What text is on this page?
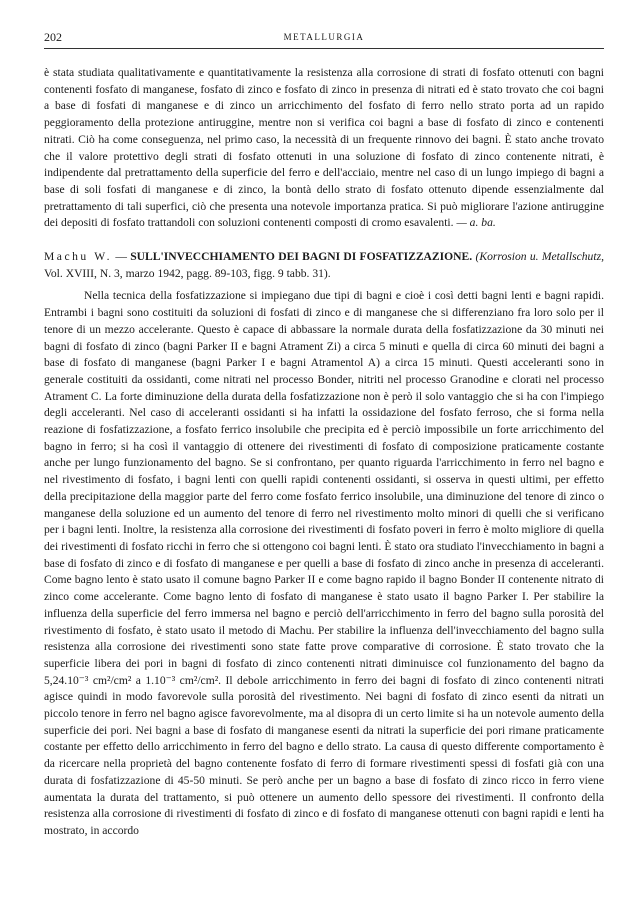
202	METALLURGIA

è stata studiata qualitativamente e quantitativamente la resistenza alla corrosione di strati di fosfato ottenuti con bagni contenenti fosfato di manganese, fosfato di zinco e fosfato di zinco in presenza di nitrati ed è stato trovato che coi bagni a base di fosfati di manganese e di zinco un arricchimento del fosfato di ferro nello strato porta ad un rapido peggioramento della protezione antiruggine, mentre non si verifica coi bagni a base di fosfato di zinco e contenenti nitrati. Ciò ha come conseguenza, nel primo caso, la necessità di un frequente rinnovo dei bagni. È stato anche trovato che il valore protettivo degli strati di fosfato ottenuti in una soluzione di fosfato di zinco contenente nitrati, è indipendente dal pretrattamento della superficie del ferro e dell'acciaio, mentre nel caso di un lungo impiego di bagni a base di soli fosfati di manganese e di zinco, la bontà dello strato di fosfato ottenuto dipende essenzialmente dal pretrattamento di tali superfici, ciò che presenta una notevole importanza pratica. Si può migliorare l'azione antiruggine dei depositi di fosfato trattandoli con soluzioni contenenti composti di cromo esavalenti. — a. ba.

Machu W. — SULL'INVECCHIAMENTO DEI BAGNI DI FOSFATIZZAZIONE. (Korrosion u. Metallschutz, Vol. XVIII, N. 3, marzo 1942, pagg. 89-103, figg. 9 tabb. 31).

Nella tecnica della fosfatizzazione si impiegano due tipi di bagni e cioè i così detti bagni lenti e bagni rapidi. Entrambi i bagni sono costituiti da soluzioni di fosfati di zinco e di manganese che si differenziano fra loro solo per il tenore di un mezzo accelerante. Questo è capace di abbassare la normale durata della fosfatizzazione da 30 minuti nei bagni di fosfato di zinco (bagni Parker II e bagni Atrament Zi) a circa 5 minuti e quella di circa 60 minuti dei bagni a base di fosfato di manganese (bagni Parker I e bagni Atramentol A) a circa 15 minuti. Questi acceleranti sono in generale costituiti da ossidanti, come nitrati nel processo Bonder, nitriti nel processo Granodine e clorati nel processo Atrament C. La forte diminuzione della durata della fosfatizzazione non è però il solo vantaggio che si ha con l'impiego degli acceleranti. Nel caso di acceleranti ossidanti si ha infatti la ossidazione del fosfato ferroso, che si forma nella reazione di fosfatizzazione, a fosfato ferrico insolubile che precipita ed è perciò impossibile un forte arricchimento del bagno in ferro; si ha così il vantaggio di ottenere dei rivestimenti di fosfato di composizione praticamente costante anche per lungo funzionamento del bagno. Se si confrontano, per quanto riguarda l'arricchimento in ferro nel bagno e nel rivestimento di fosfato, i bagni lenti con quelli rapidi contenenti ossidanti, si osserva in questi ultimi, per effetto della precipitazione della maggior parte del ferro come fosfato ferrico insolubile, una diminuzione del tenore di zinco o manganese della soluzione ed un aumento del tenore di ferro nel rivestimento molto minori di quelli che si verificano per i bagni lenti. Inoltre, la resistenza alla corrosione dei rivestimenti di fosfato poveri in ferro è molto migliore di quella dei rivestimenti di fosfato ricchi in ferro che si ottengono coi bagni lenti. È stato ora studiato l'invecchiamento in bagni a base di fosfato di zinco e di fosfato di manganese e per quelli a base di fosfato di zinco anche in presenza di acceleranti. Come bagno lento è stato usato il comune bagno Parker II e come bagno rapido il bagno Bonder II contenente nitrato di zinco come accelerante. Come bagno lento di fosfato di manganese è stato usato il bagno Parker I. Per stabilire la influenza della superficie del ferro immersa nel bagno e perciò dell'arricchimento in ferro del bagno sulla porosità del rivestimento di fosfato, è stato usato il metodo di Machu. Per stabilire la influenza dell'invecchiamento del bagno sulla resistenza alla corrosione dei rivestimenti sono state fatte prove comparative di corrosione. È stato trovato che la superficie libera dei pori in bagni di fosfato di zinco contenenti nitrati diminuisce col funzionamento del bagno da 5,24.10⁻³ cm²/cm² a 1.10⁻³ cm²/cm². Il debole arricchimento in ferro dei bagni di fosfato di zinco contenenti nitrati agisce quindi in modo favorevole sulla porosità del rivestimento. Nei bagni di fosfato di zinco esenti da nitrati un piccolo tenore in ferro nel bagno agisce favorevolmente, ma al disopra di un certo limite si ha un notevole aumento della superficie dei pori. Nei bagni a base di fosfato di manganese esenti da nitrati la superficie dei pori rimane praticamente costante per effetto dello arricchimento in ferro del bagno e dello strato. La causa di questo differente comportamento è da ricercare nella proprietà del bagno contenente fosfato di ferro di formare rivestimenti spessi di fosfati già con una durata di fosfatizzazione di 45-50 minuti. Se però anche per un bagno a base di fosfato di zinco ricco in ferro viene aumentata la durata del trattamento, si può ottenere un aumento dello spessore dei rivestimenti. Il confronto della resistenza alla corrosione di rivestimenti di fosfato di zinco e di fosfato di manganese ottenuti con bagni rapidi e lenti ha mostrato, in accordo
